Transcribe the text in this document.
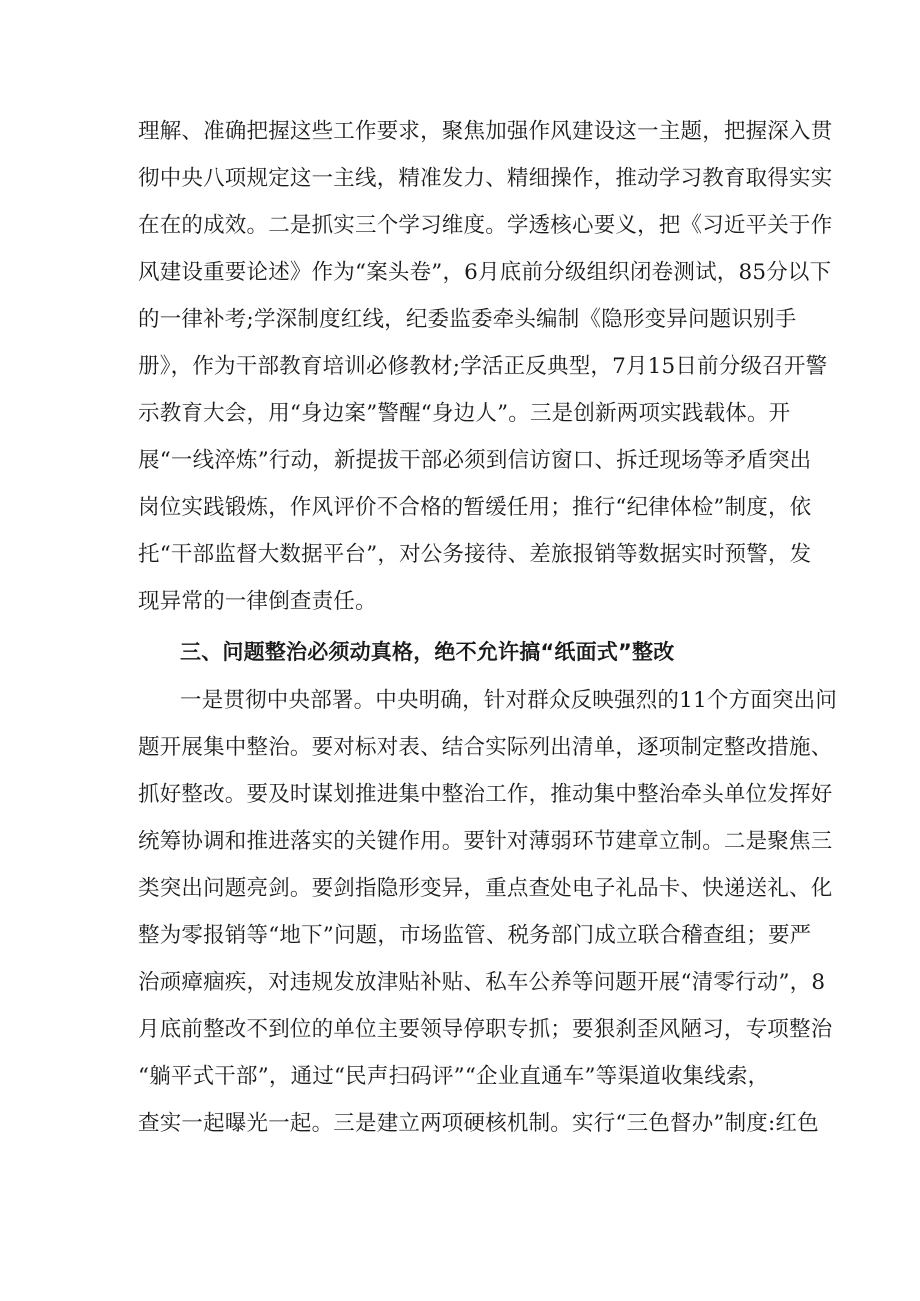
理解、准确把握这些工作要求，聚焦加强作风建设这一主题，把握深入贯
彻中央八项规定这一主线，精准发力、精细操作，推动学习教育取得实实
在在的成效。二是抓实三个学习维度。学透核心要义，把《习近平关于作
风建设重要论述》作为“案头卷”，6月底前分级组织闭卷测试，85分以下
的一律补考;学深制度红线，纪委监委牵头编制《隐形变异问题识别手
册》，作为干部教育培训必修教材;学活正反典型，7月15日前分级召开警
示教育大会，用“身边案”警醒“身边人”。三是创新两项实践载体。开
展“一线淬炼”行动，新提拔干部必须到信访窗口、拆迁现场等矛盾突出
岗位实践锻炼，作风评价不合格的暂缓任用；推行“纪律体检”制度，依
托“干部监督大数据平台”，对公务接待、差旅报销等数据实时预警，发
现异常的一律倒查责任。
三、问题整治必须动真格，绝不允许搞“纸面式”整改
一是贯彻中央部署。中央明确，针对群众反映强烈的11个方面突出问
题开展集中整治。要对标对表、结合实际列出清单，逐项制定整改措施、
抓好整改。要及时谋划推进集中整治工作，推动集中整治牵头单位发挥好
统筹协调和推进落实的关键作用。要针对薄弱环节建章立制。二是聚焦三
类突出问题亮剑。要剑指隐形变异，重点查处电子礼品卡、快递送礼、化
整为零报销等“地下”问题，市场监管、税务部门成立联合稽查组；要严
治顽瘴痼疾，对违规发放津贴补贴、私车公养等问题开展“清零行动”，8
月底前整改不到位的单位主要领导停职专抓；要狠刹歪风陋习，专项整治
“躺平式干部”，通过“民声扫码评”“企业直通车”等渠道收集线索，
查实一起曝光一起。三是建立两项硬核机制。实行“三色督办”制度:红色
